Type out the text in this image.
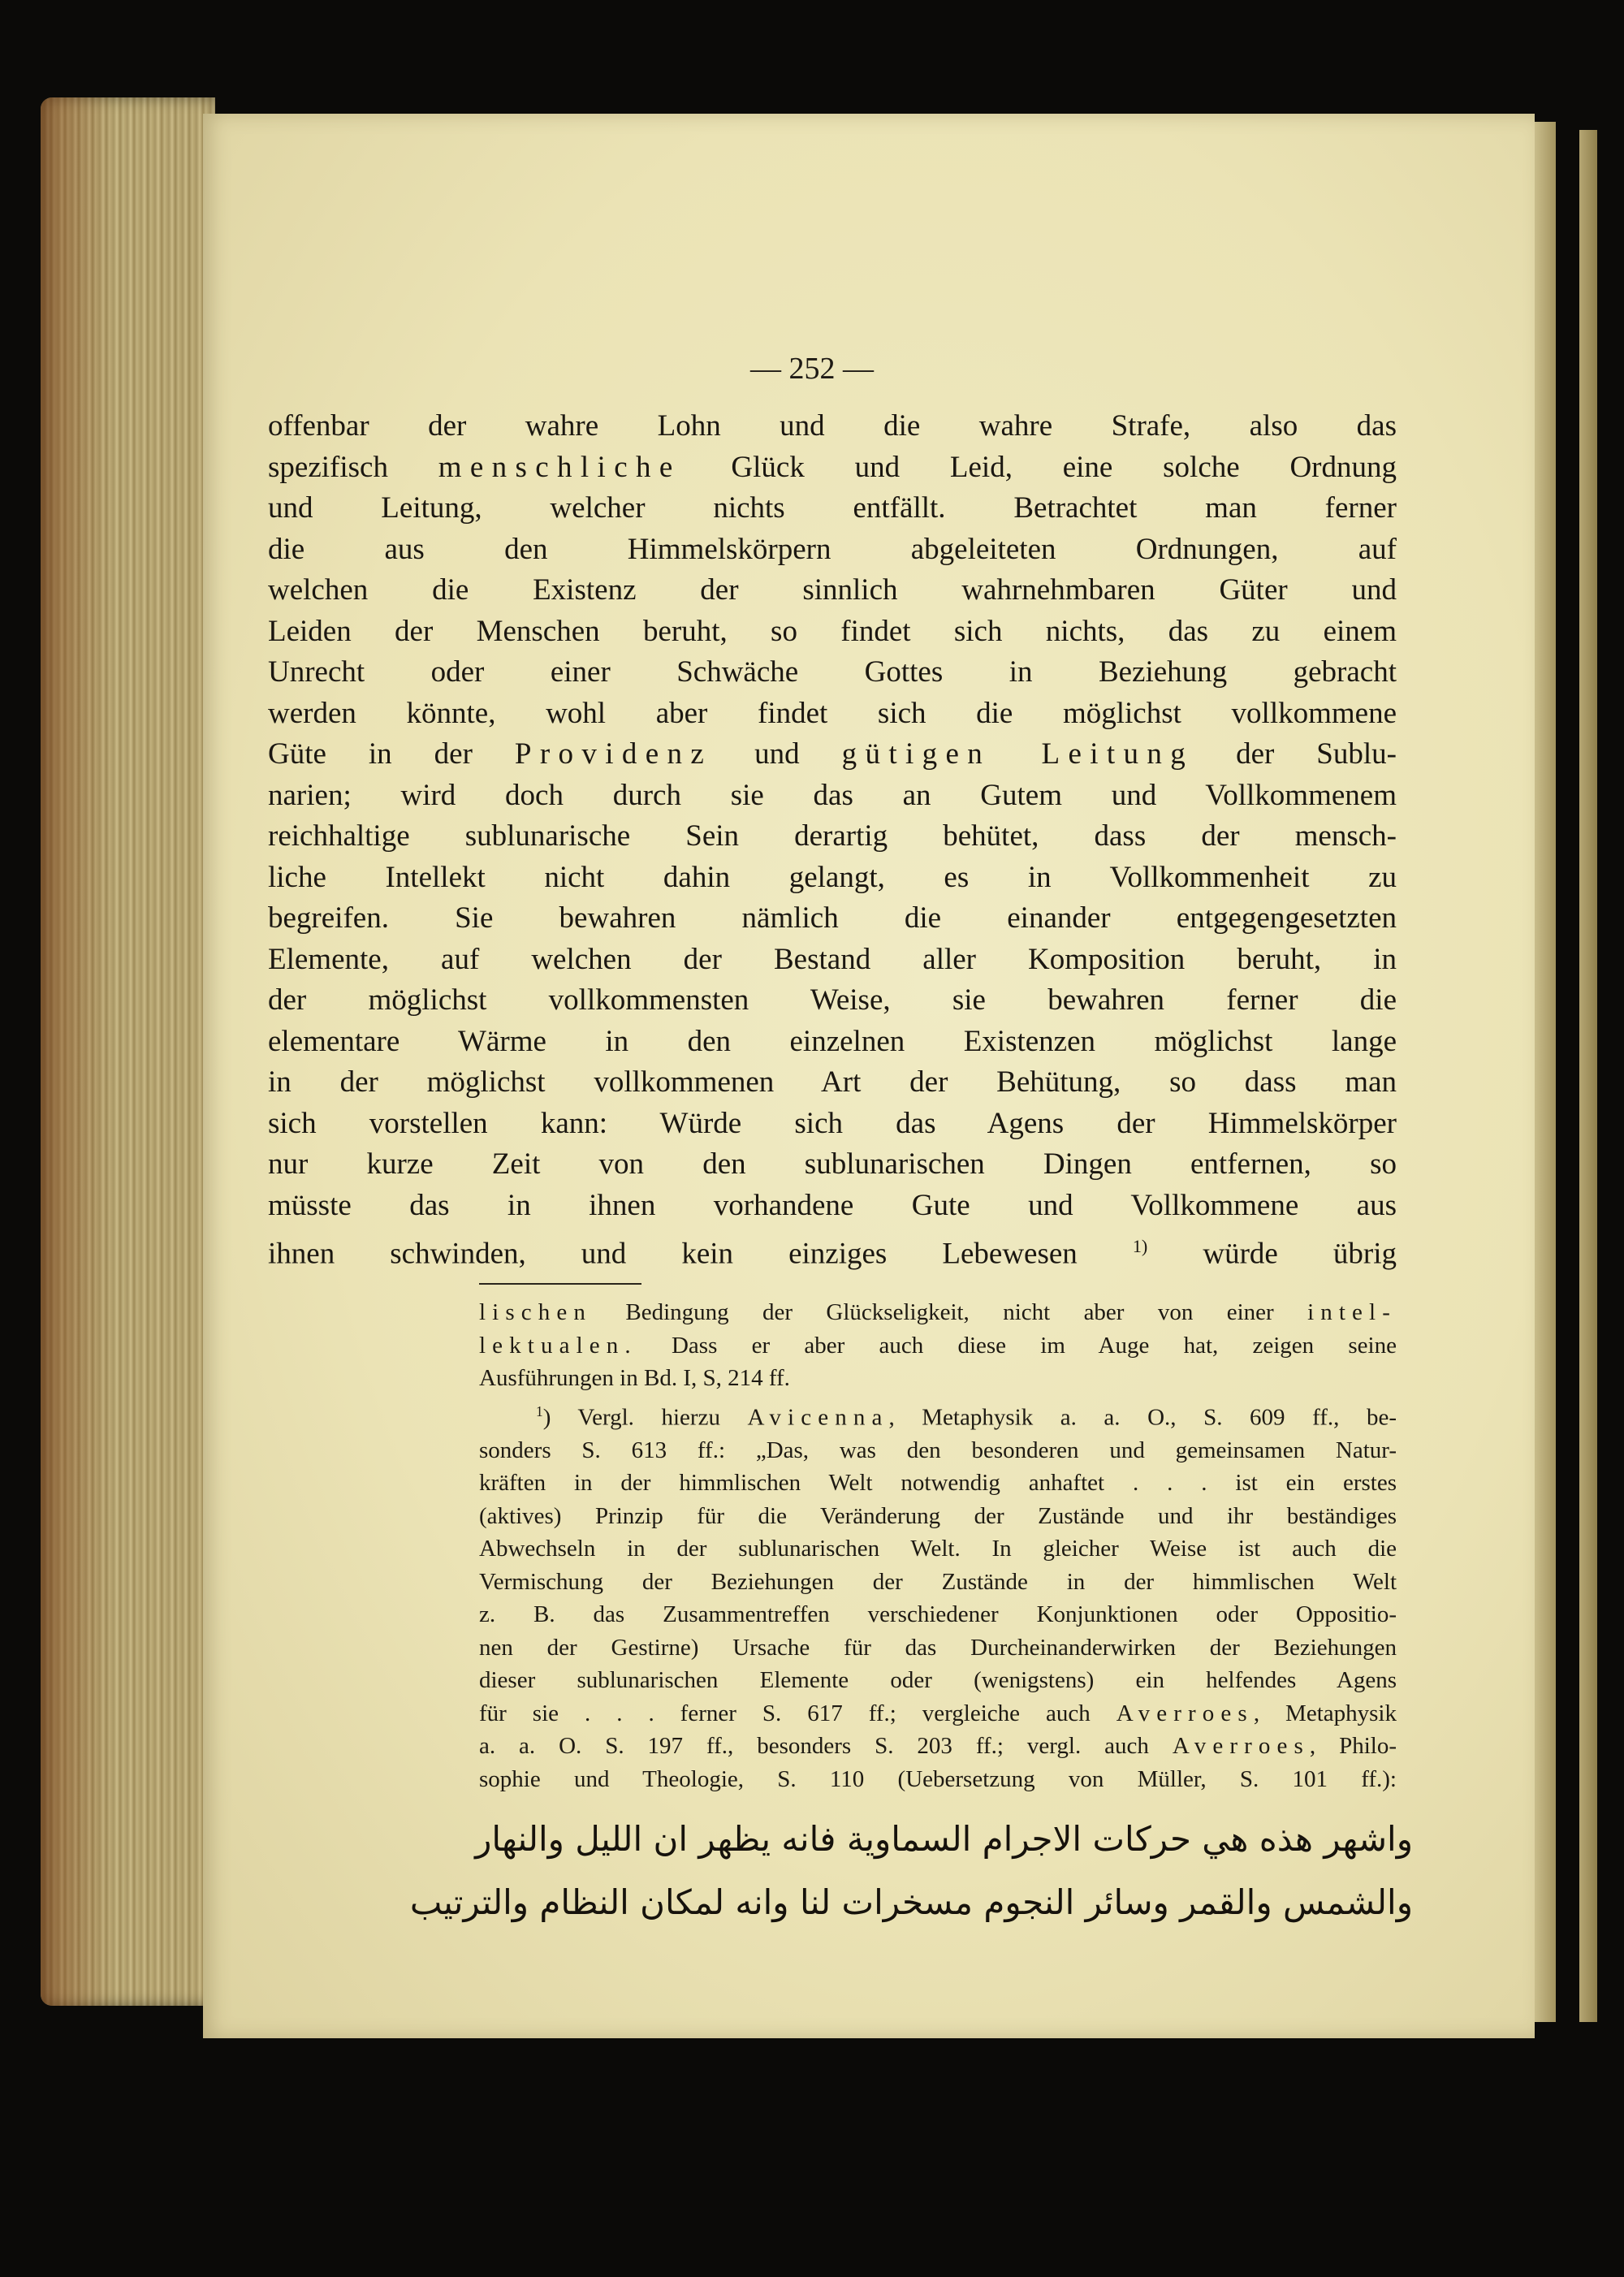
— 252 —
offenbar der wahre Lohn und die wahre Strafe, also das
spezifisch menschliche Glück und Leid, eine solche Ordnung
und Leitung, welcher nichts entfällt. Betrachtet man ferner
die aus den Himmelskörpern abgeleiteten Ordnungen, auf
welchen die Existenz der sinnlich wahrnehmbaren Güter und
Leiden der Menschen beruht, so findet sich nichts, das zu einem
Unrecht oder einer Schwäche Gottes in Beziehung gebracht
werden könnte, wohl aber findet sich die möglichst vollkommene
Güte in der Providenz und gütigen Leitung der Sublu-
narien; wird doch durch sie das an Gutem und Vollkommenem
reichhaltige sublunarische Sein derartig behütet, dass der mensch-
liche Intellekt nicht dahin gelangt, es in Vollkommenheit zu
begreifen. Sie bewahren nämlich die einander entgegengesetzten
Elemente, auf welchen der Bestand aller Komposition beruht, in
der möglichst vollkommensten Weise, sie bewahren ferner die
elementare Wärme in den einzelnen Existenzen möglichst lange
in der möglichst vollkommenen Art der Behütung, so dass man
sich vorstellen kann: Würde sich das Agens der Himmelskörper
nur kurze Zeit von den sublunarischen Dingen entfernen, so
müsste das in ihnen vorhandene Gute und Vollkommene aus
ihnen schwinden, und kein einziges Lebewesen $^{1)}$ würde übrig
lischen Bedingung der Glückseligkeit, nicht aber von einer intel-
lektualen. Dass er aber auch diese im Auge hat, zeigen seine
Ausführungen in Bd. I, S, 214 ff.
$^1$) Vergl. hierzu Avicenna, Metaphysik a. a. O., S. 609 ff., be-
sonders S. 613 ff.: „Das, was den besonderen und gemeinsamen Natur-
kräften in der himmlischen Welt notwendig anhaftet . . . ist ein erstes
(aktives) Prinzip für die Veränderung der Zustände und ihr beständiges
Abwechseln in der sublunarischen Welt. In gleicher Weise ist auch die
Vermischung der Beziehungen der Zustände in der himmlischen Welt
z. B. das Zusammentreffen verschiedener Konjunktionen oder Oppositio-
nen der Gestirne) Ursache für das Durcheinanderwirken der Beziehungen
dieser sublunarischen Elemente oder (wenigstens) ein helfendes Agens
für sie . . . ferner S. 617 ff.; vergleiche auch Averroes, Metaphysik
a. a. O. S. 197 ff., besonders S. 203 ff.; vergl. auch Averroes, Philo-
sophie und Theologie, S. 110 (Uebersetzung von Müller, S. 101 ff.):
واشهر هذه هي حركات الاجرام السماوية فانه يظهر ان الليل والنهار
والشمس والقمر وسائر النجوم مسخرات لنا وانه لمكان النظام والترتيب
